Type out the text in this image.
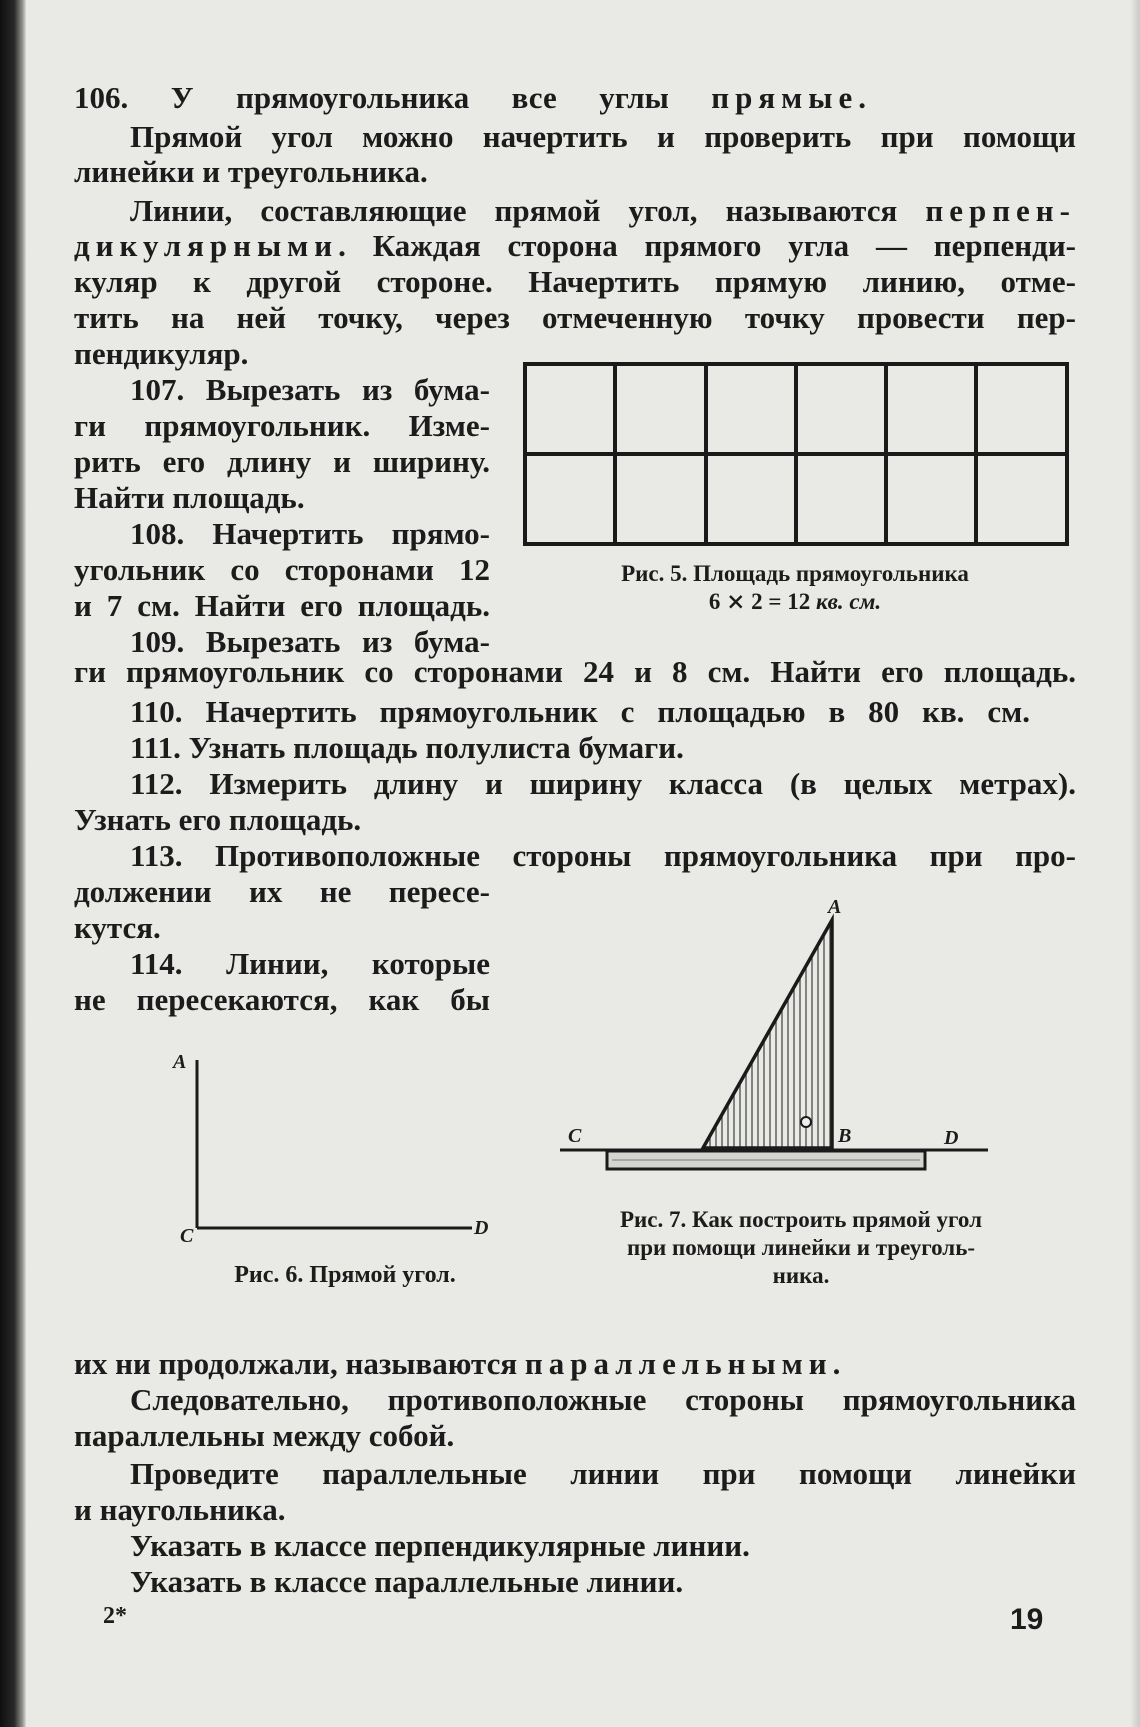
106. У прямоугольника все углы прямые.
Прямой угол можно начертить и проверить при помощи
линейки и треугольника.
Линии, составляющие прямой угол, называются перпен-
дикулярными. Каждая сторона прямого угла — перпенди-
куляр к другой стороне. Начертить прямую линию, отме-
тить на ней точку, через отмеченную точку провести пер-
пендикуляр.
107. Вырезать из бума-
ги прямоугольник. Изме-
рить его длину и ширину.
Найти площадь.
108. Начертить прямо-
угольник со сторонами 12
и 7 см. Найти его площадь.
109. Вырезать из бума-
ги прямоугольник со сторонами 24 и 8 см. Найти его площадь.
110. Начертить прямоугольник с площадью в 80 кв. см.
111. Узнать площадь полулиста бумаги.
112. Измерить длину и ширину класса (в целых метрах).
Узнать его площадь.
113. Противоположные стороны прямоугольника при про-
должении их не пересе-
кутся.
114. Линии, которые
не пересекаются, как бы
их ни продолжали, называются параллельными.
Следовательно, противоположные стороны прямоугольника
параллельны между собой.
Проведите параллельные линии при помощи линейки
и наугольника.
Указать в классе перпендикулярные линии.
Указать в классе параллельные линии.
Рис. 5. Площадь прямоугольника
6 ⨯ 2 = 12 кв. см.
A
C	D
Рис. 6. Прямой угол.
A
B
C	D
Рис. 7. Как построить прямой угол
при помощи линейки и треуголь-
ника.
2*	19
